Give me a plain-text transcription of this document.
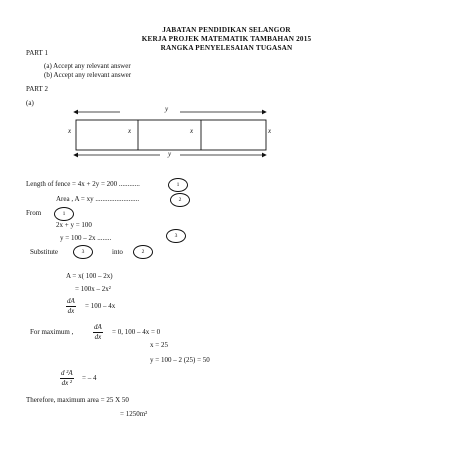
JABATAN PENDIDIKAN SELANGOR
KERJA PROJEK MATEMATIK TAMBAHAN 2015
RANGKA PENYELESAIAN TUGASAN
PART 1
(a) Accept any relevant answer
(b) Accept any relevant answer
PART 2
(a)
y
y
x	x	x	x
Length of fence = 4x + 2y = 200 ............	1
Area , A = xy .........................	2
From	1
2x + y = 100
y = 100 – 2x ........	3
Substitute	3	into	2
A = x( 100 – 2x)
= 100x – 2x²
$\frac{dA}{dx} = 100 - 4x$
For maximum ,	$\frac{dA}{dx} = 0$, 100 – 4x = 0
x = 25
y = 100 – 2 (25) = 50
$\frac{\text{d ²A}}{\text{dx ²}}$ = – 4
Therefore, maximum area = 25 X 50
= 1250m²
